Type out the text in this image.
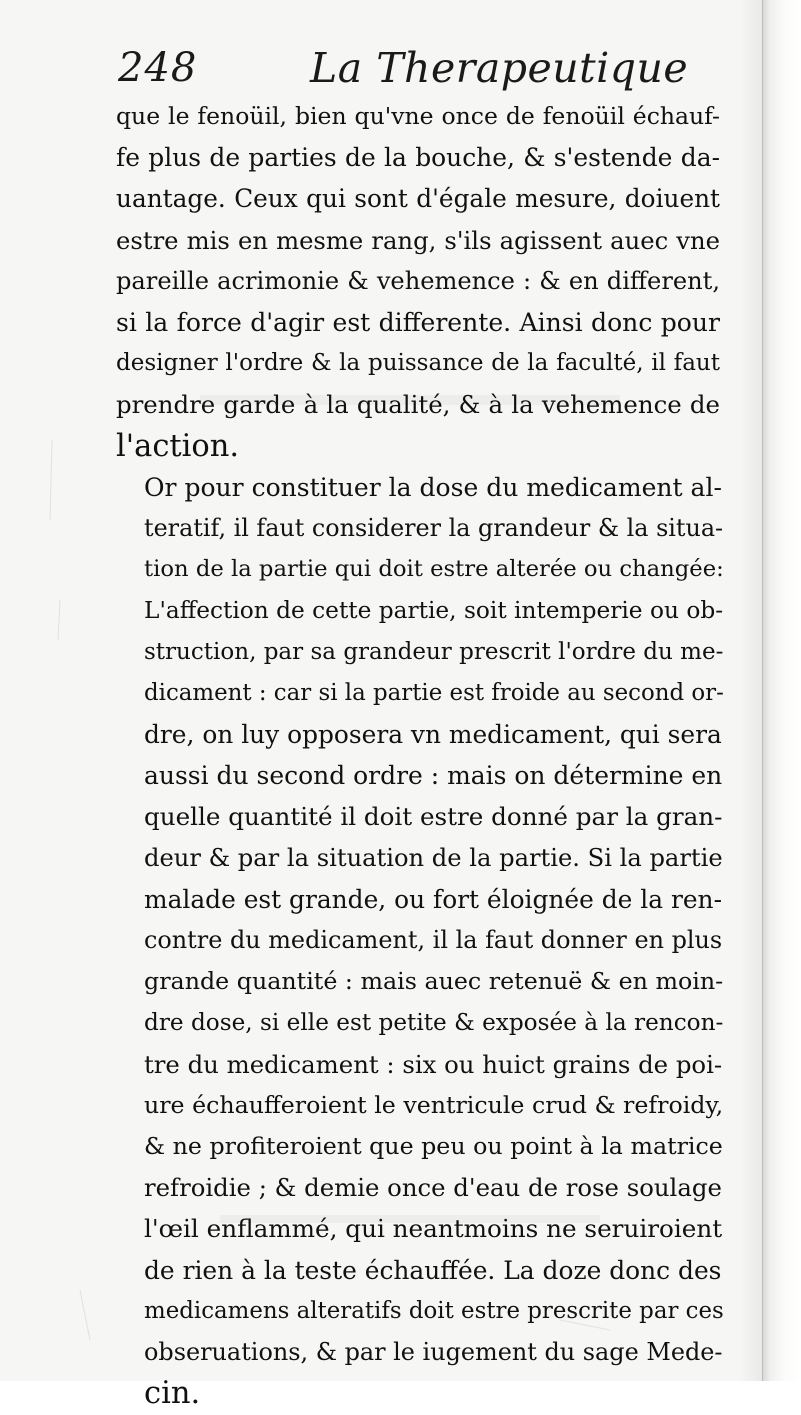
248	La Therapeutique

que le fenoüil, bien qu'vne once de fenoüil échauf-
fe plus de parties de la bouche, & s'estende da-
uantage. Ceux qui sont d'égale mesure, doiuent
estre mis en mesme rang, s'ils agissent auec vne
pareille acrimonie & vehemence : & en different,
si la force d'agir est differente. Ainsi donc pour
designer l'ordre & la puissance de la faculté, il faut
prendre garde à la qualité, & à la vehemence de
l'action.

Or pour constituer la dose du medicament al-
teratif, il faut considerer la grandeur & la situa-
tion de la partie qui doit estre alterée ou changée:
L'affection de cette partie, soit intemperie ou ob-
struction, par sa grandeur prescrit l'ordre du me-
dicament : car si la partie est froide au second or-
dre, on luy opposera vn medicament, qui sera
aussi du second ordre : mais on détermine en
quelle quantité il doit estre donné par la gran-
deur & par la situation de la partie. Si la partie
malade est grande, ou fort éloignée de la ren-
contre du medicament, il la faut donner en plus
grande quantité : mais auec retenuë & en moin-
dre dose, si elle est petite & exposée à la rencon-
tre du medicament : six ou huict grains de poi-
ure échaufferoient le ventricule crud & refroidy,
& ne profiteroient que peu ou point à la matrice
refroidie ; & demie once d'eau de rose soulage
l'œil enflammé, qui neantmoins ne seruiroient
de rien à la teste échauffée. La doze donc des
medicamens alteratifs doit estre prescrite par ces
obseruations, & par le iugement du sage Mede-
cin.
